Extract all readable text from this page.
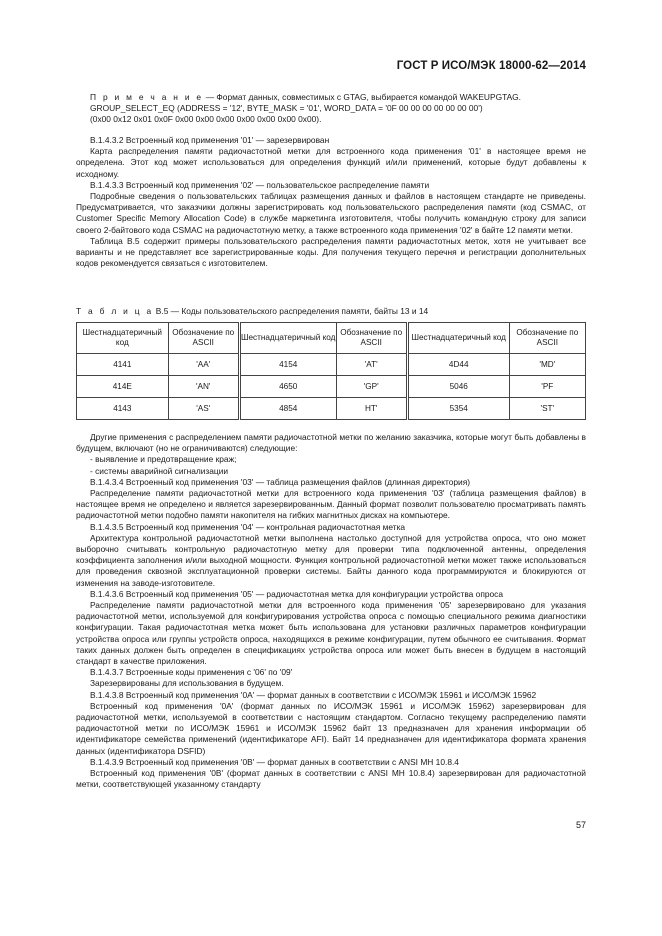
ГОСТ Р ИСО/МЭК 18000-62—2014

П р и м е ч а н и е — Формат данных, совместимых с GTAG, выбирается командой WAKEUPGTAG.

GROUP_SELECT_EQ (ADDRESS = '12', BYTE_MASK = '01', WORD_DATA = '0F 00 00 00 00 00 00 00')

(0x00 0x12 0x01 0x0F 0x00 0x00 0x00 0x00 0x00 0x00 0x00).

B.1.4.3.2 Встроенный код применения '01' — зарезервирован

Карта распределения памяти радиочастотной метки для встроенного кода применения '01' в настоящее время не определена. Этот код может использоваться для определения функций и/или применений, которые будут добавлены к исходному.

B.1.4.3.3 Встроенный код применения '02' — пользовательское распределение памяти

Подробные сведения о пользовательских таблицах размещения данных и файлов в настоящем стандарте не приведены. Предусматривается, что заказчики должны зарегистрировать код пользовательского распределения памяти (код CSMAC, от Customer Specific Memory Allocation Code) в службе маркетинга изготовителя, чтобы получить командную строку для записи своего 2-байтового кода CSMAC на радиочастотную метку, а также встроенного кода применения '02' в байте 12 памяти метки.

Таблица B.5 содержит примеры пользовательского распределения памяти радиочастотных меток, хотя не учитывает все варианты и не представляет все зарегистрированные коды. Для получения текущего перечня и регистрации дополнительных кодов рекомендуется связаться с изготовителем.

Т а б л и ц а B.5 — Коды пользовательского распределения памяти, байты 13 и 14

Шестнадцатеричный код	Обозначение по ASCII	Шестнадцатеричный код	Обозначение по ASCII	Шестнадцатеричный код	Обозначение по ASCII
4141	'AA'	4154	'AT'	4D44	'MD'
414E	'AN'	4650	'GP'	5046	'PF
4143	'AS'	4854	HT'	5354	'ST'

Другие применения с распределением памяти радиочастотной метки по желанию заказчика, которые могут быть добавлены в будущем, включают (но не ограничиваются) следующие:

- выявление и предотвращение краж;

- системы аварийной сигнализации

B.1.4.3.4 Встроенный код применения '03' — таблица размещения файлов (длинная директория)

Распределение памяти радиочастотной метки для встроенного кода применения '03' (таблица размещения файлов) в настоящее время не определено и является зарезервированным. Данный формат позволит пользователю просматривать память радиочастотной метки подобно памяти накопителя на гибких магнитных дисках на компьютере.

B.1.4.3.5 Встроенный код применения '04' — контрольная радиочастотная метка

Архитектура контрольной радиочастотной метки выполнена настолько доступной для устройства опроса, что оно может выборочно считывать контрольную радиочастотную метку для проверки типа подключенной антенны, определения коэффициента заполнения и/или выходной мощности. Функция контрольной радиочастотной метки может также использоваться для проведения сквозной эксплуатационной проверки системы. Байты данного кода программируются и блокируются от изменения на заводе-изготовителе.

B.1.4.3.6 Встроенный код применения '05' — радиочастотная метка для конфигурации устройства опроса

Распределение памяти радиочастотной метки для встроенного кода применения '05' зарезервировано для указания радиочастотной метки, используемой для конфигурирования устройства опроса с помощью специального режима диагностики конфигурации. Такая радиочастотная метка может быть использована для установки различных параметров конфигурации устройства опроса или группы устройств опроса, находящихся в режиме конфигурации, путем обычного ее считывания. Формат таких данных должен быть определен в спецификациях устройства опроса или может быть внесен в будущем в настоящий стандарт в качестве приложения.

B.1.4.3.7 Встроенные коды применения с '06' по '09'

Зарезервированы для использования в будущем.

B.1.4.3.8 Встроенный код применения '0A' — формат данных в соответствии с ИСО/МЭК 15961 и ИСО/МЭК 15962

Встроенный код применения '0A' (формат данных по ИСО/МЭК 15961 и ИСО/МЭК 15962) зарезервирован для радиочастотной метки, используемой в соответствии с настоящим стандартом. Согласно текущему распределению памяти радиочастотной метки по ИСО/МЭК 15961 и ИСО/МЭК 15962 байт 13 предназначен для хранения информации об идентификаторе семейства применений (идентификаторе AFI). Байт 14 предназначен для идентификатора формата хранения данных (идентификатора DSFID)

B.1.4.3.9 Встроенный код применения '0B' — формат данных в соответствии с ANSI MH 10.8.4

Встроенный код применения '0B' (формат данных в соответствии с ANSI MH 10.8.4) зарезервирован для радиочастотной метки, соответствующей указанному стандарту

57
